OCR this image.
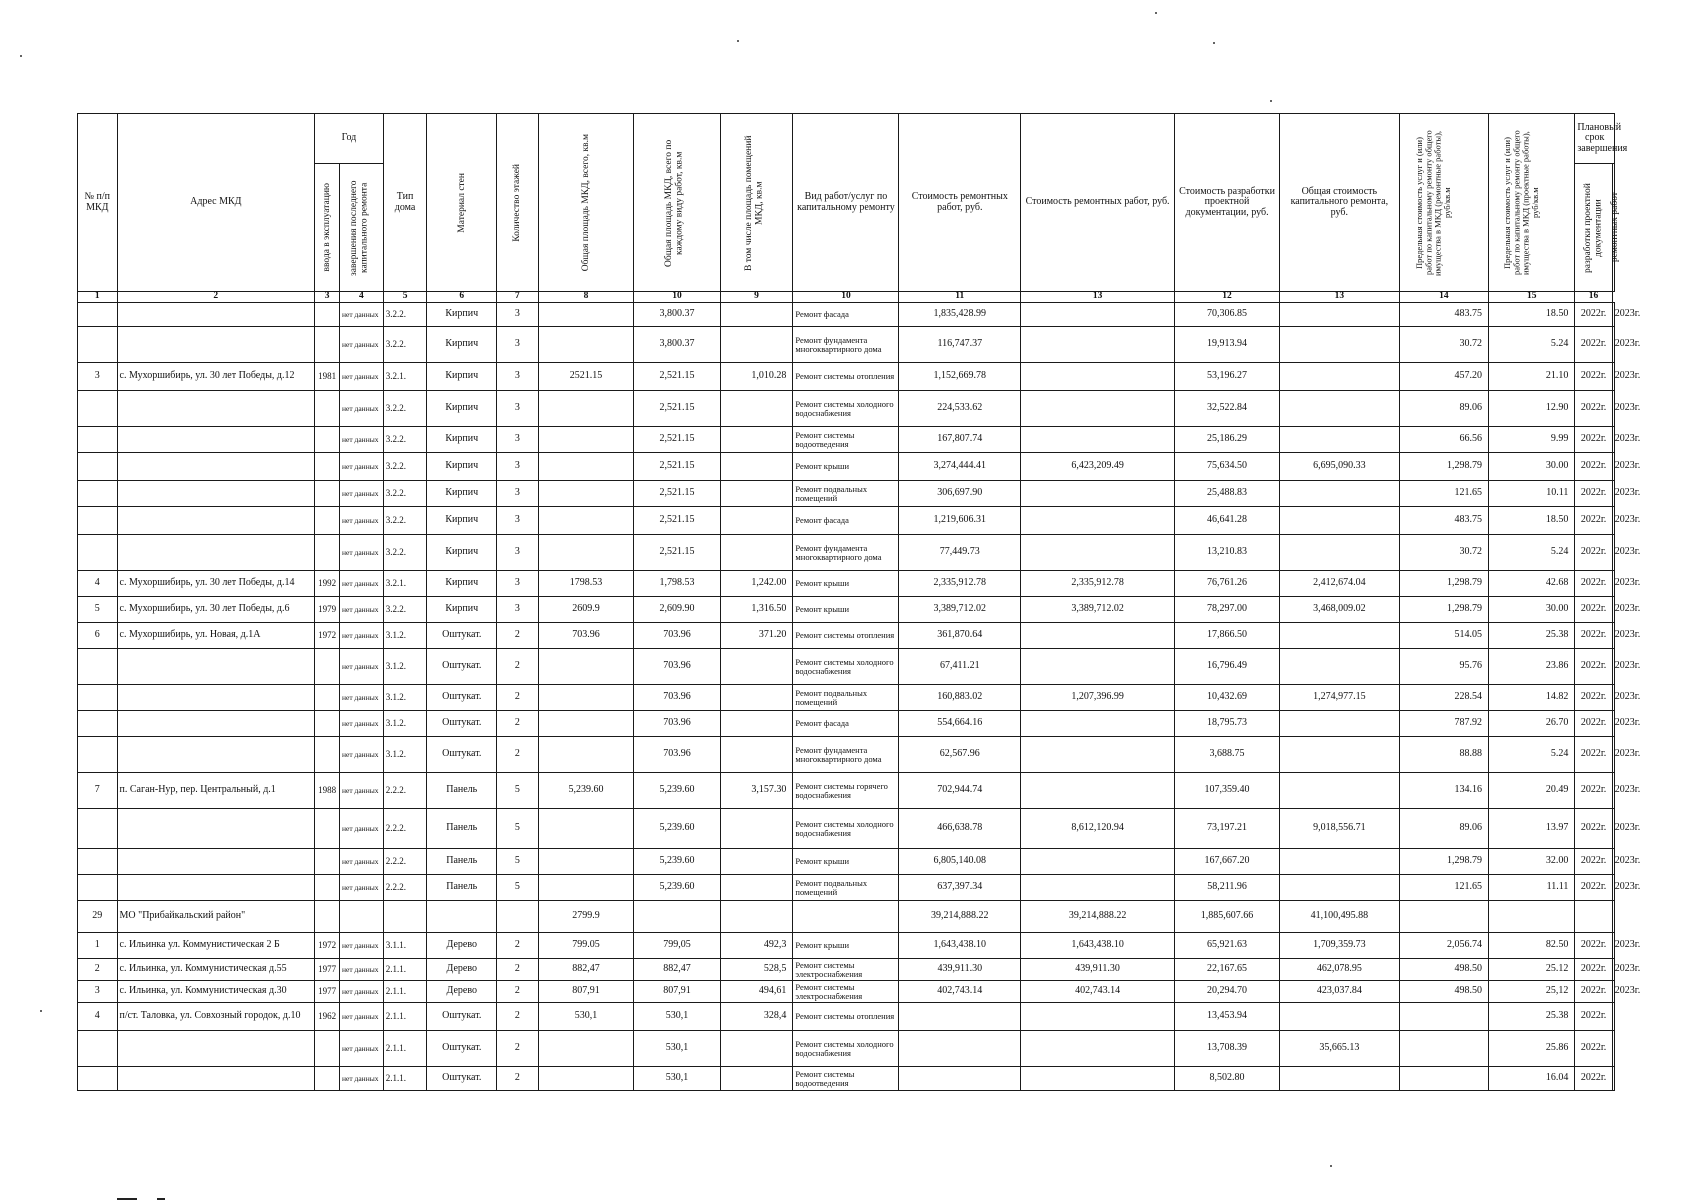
№ п/п МКД	Адрес МКД	Год		Тип дома	Материал стен	Количество этажей	Общая площадь МКД, всего, кв.м	Общая площадь МКД, всего по каждому виду работ, кв.м	В том числе площадь помещений МКД, кв.м	Вид работ/услуг по капитальному ремонту	Стоимость ремонтных работ, руб.	Стоимость ремонтных работ, руб.	Стоимость разработки проектной документации, руб.	Общая стоимость капитального ремонта, руб.	Предельная стоимость услуг и (или) работ по капитальному ремонту общего имущества в МКД (ремонтные работы), руб/кв.м	Предельная стоимость услуг и (или) работ по капитальному ремонту общего имущества в МКД (проектные работы), руб/кв.м	Плановый срок завершения	

		ввода в эксплуатацию	завершения последнего капитального ремонта														разработки проектной документации	ремонтных работ

1	2	3	4	5	6	7	8	10	9	10	11	13	12	13	14	15	16	
			нет данных	3.2.2.	Кирпич	3		3,800.37		Ремонт фасада	1,835,428.99		70,306.85		483.75	18.50	2022г.	2023г.
			нет данных	3.2.2.	Кирпич	3		3,800.37		Ремонт фундамента многоквартирного дома	116,747.37		19,913.94		30.72	5.24	2022г.	2023г.
3	с. Мухоршибирь, ул. 30 лет Победы, д.12	1981	нет данных	3.2.1.	Кирпич	3	2521.15	2,521.15	1,010.28	Ремонт системы отопления	1,152,669.78		53,196.27		457.20	21.10	2022г.	2023г.
			нет данных	3.2.2.	Кирпич	3		2,521.15		Ремонт системы холодного водоснабжения	224,533.62		32,522.84		89.06	12.90	2022г.	2023г.
			нет данных	3.2.2.	Кирпич	3		2,521.15		Ремонт системы водоотведения	167,807.74		25,186.29		66.56	9.99	2022г.	2023г.
			нет данных	3.2.2.	Кирпич	3		2,521.15		Ремонт крыши	3,274,444.41	6,423,209.49	75,634.50	6,695,090.33	1,298.79	30.00	2022г.	2023г.
			нет данных	3.2.2.	Кирпич	3		2,521.15		Ремонт подвальных помещений	306,697.90		25,488.83		121.65	10.11	2022г.	2023г.
			нет данных	3.2.2.	Кирпич	3		2,521.15		Ремонт фасада	1,219,606.31		46,641.28		483.75	18.50	2022г.	2023г.
			нет данных	3.2.2.	Кирпич	3		2,521.15		Ремонт фундамента многоквартирного дома	77,449.73		13,210.83		30.72	5.24	2022г.	2023г.
4	с. Мухоршибирь, ул. 30 лет Победы, д.14	1992	нет данных	3.2.1.	Кирпич	3	1798.53	1,798.53	1,242.00	Ремонт крыши	2,335,912.78	2,335,912.78	76,761.26	2,412,674.04	1,298.79	42.68	2022г.	2023г.
5	с. Мухоршибирь, ул. 30 лет Победы, д.6	1979	нет данных	3.2.2.	Кирпич	3	2609.9	2,609.90	1,316.50	Ремонт крыши	3,389,712.02	3,389,712.02	78,297.00	3,468,009.02	1,298.79	30.00	2022г.	2023г.
6	с. Мухоршибирь, ул. Новая, д.1А	1972	нет данных	3.1.2.	Оштукат.	2	703.96	703.96	371.20	Ремонт системы отопления	361,870.64		17,866.50		514.05	25.38	2022г.	2023г.
			нет данных	3.1.2.	Оштукат.	2		703.96		Ремонт системы холодного водоснабжения	67,411.21		16,796.49		95.76	23.86	2022г.	2023г.
			нет данных	3.1.2.	Оштукат.	2		703.96		Ремонт подвальных помещений	160,883.02	1,207,396.99	10,432.69	1,274,977.15	228.54	14.82	2022г.	2023г.
			нет данных	3.1.2.	Оштукат.	2		703.96		Ремонт фасада	554,664.16		18,795.73		787.92	26.70	2022г.	2023г.
			нет данных	3.1.2.	Оштукат.	2		703.96		Ремонт фундамента многоквартирного дома	62,567.96		3,688.75		88.88	5.24	2022г.	2023г.
7	п. Саган-Нур, пер. Центральный, д.1	1988	нет данных	2.2.2.	Панель	5	5,239.60	5,239.60	3,157.30	Ремонт системы горячего водоснабжения	702,944.74		107,359.40		134.16	20.49	2022г.	2023г.
			нет данных	2.2.2.	Панель	5		5,239.60		Ремонт системы холодного водоснабжения	466,638.78	8,612,120.94	73,197.21	9,018,556.71	89.06	13.97	2022г.	2023г.
			нет данных	2.2.2.	Панель	5		5,239.60		Ремонт крыши	6,805,140.08		167,667.20		1,298.79	32.00	2022г.	2023г.
			нет данных	2.2.2.	Панель	5		5,239.60		Ремонт подвальных помещений	637,397.34		58,211.96		121.65	11.11	2022г.	2023г.
29	МО "Прибайкальский район"						2799.9				39,214,888.22	39,214,888.22	1,885,607.66	41,100,495.88				
1	с. Ильинка ул. Коммунистическая 2 Б	1972	нет данных	3.1.1.	Дерево	2	799.05	799,05	492,3	Ремонт крыши	1,643,438.10	1,643,438.10	65,921.63	1,709,359.73	2,056.74	82.50	2022г.	2023г.
2	с. Ильинка, ул. Коммунистическая д.55	1977	нет данных	2.1.1.	Дерево	2	882,47	882,47	528,5	Ремонт системы электроснабжения	439,911.30	439,911.30	22,167.65	462,078.95	498.50	25.12	2022г.	2023г.
3	с. Ильинка, ул. Коммунистическая д.30	1977	нет данных	2.1.1.	Дерево	2	807,91	807,91	494,61	Ремонт системы электроснабжения	402,743.14	402,743.14	20,294.70	423,037.84	498.50	25,12	2022г.	2023г.
4	п/ст. Таловка, ул. Совхозный городок, д.10	1962	нет данных	2.1.1.	Оштукат.	2	530,1	530,1	328,4	Ремонт системы отопления			13,453.94			25.38	2022г.	
			нет данных	2.1.1.	Оштукат.	2		530,1		Ремонт системы холодного водоснабжения			13,708.39	35,665.13		25.86	2022г.	
			нет данных	2.1.1.	Оштукат.	2		530,1		Ремонт системы водоотведения			8,502.80			16.04	2022г.	
